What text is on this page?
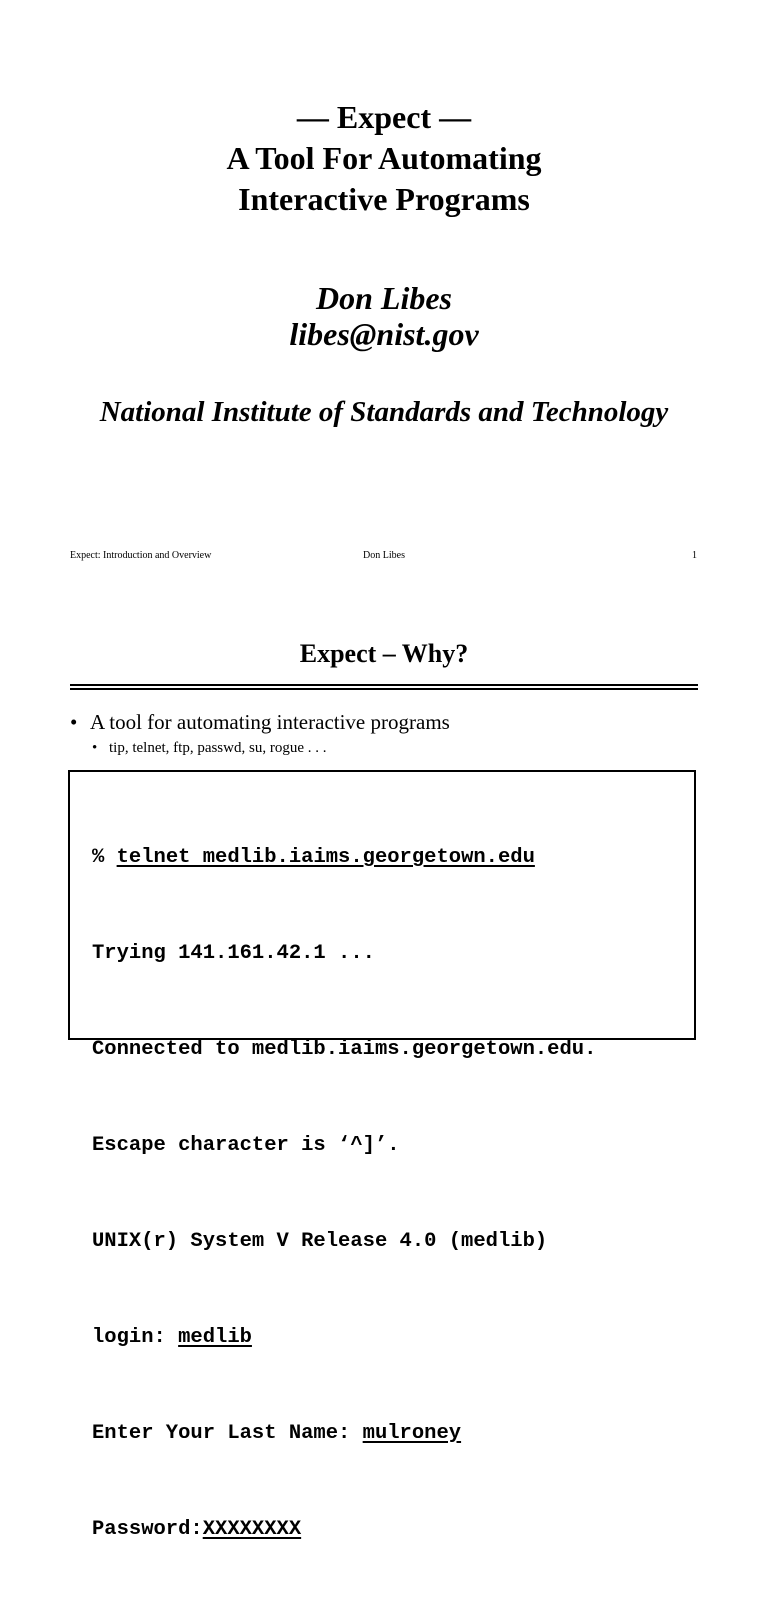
— Expect —
A Tool For Automating
Interactive Programs
Don Libes
libes@nist.gov
National Institute of Standards and Technology
Expect: Introduction and Overview	Don Libes	1
Expect – Why?
• A tool for automating interactive programs
• tip, telnet, ftp, passwd, su, rogue . . .

% telnet medlib.iaims.georgetown.edu

Trying 141.161.42.1 ...

Connected to medlib.iaims.georgetown.edu.

Escape character is ‘^]’.

UNIX(r) System V Release 4.0 (medlib)

login: medlib

Enter Your Last Name: mulroney

Password:XXXXXXXX
